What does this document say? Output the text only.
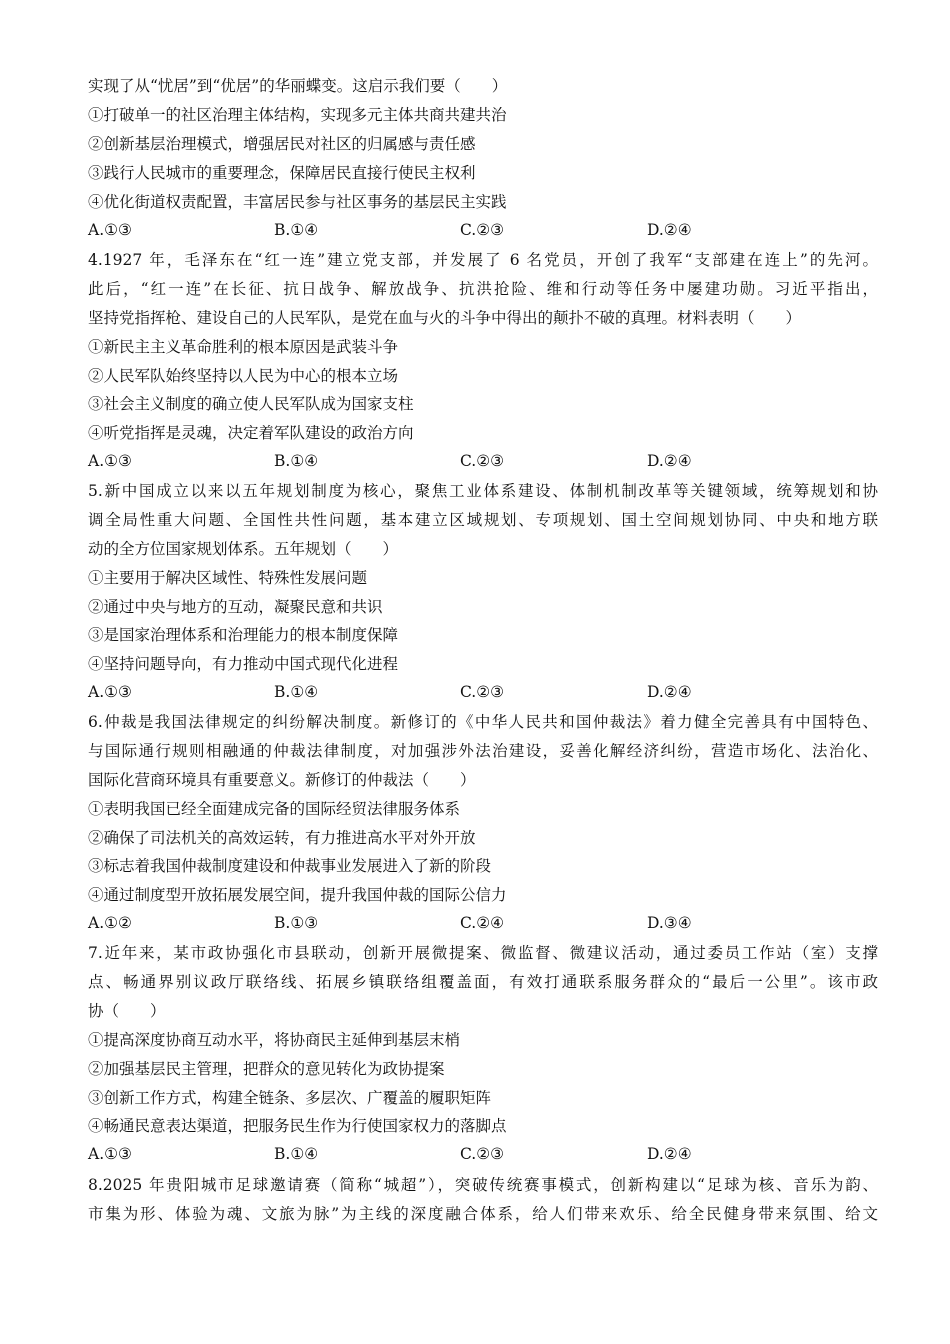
实现了从“忧居”到“优居”的华丽蝶变。这启示我们要（　　）
①打破单一的社区治理主体结构，实现多元主体共商共建共治
②创新基层治理模式，增强居民对社区的归属感与责任感
③践行人民城市的重要理念，保障居民直接行使民主权利
④优化街道权责配置，丰富居民参与社区事务的基层民主实践
A.①③	B.①④	C.②③	D.②④
4.1927 年，毛泽东在“红一连”建立党支部，并发展了 6 名党员，开创了我军“支部建在连上”的先河。
此后，“红一连”在长征、抗日战争、解放战争、抗洪抢险、维和行动等任务中屡建功勋。习近平指出，
坚持党指挥枪、建设自己的人民军队，是党在血与火的斗争中得出的颠扑不破的真理。材料表明（　　）
①新民主主义革命胜利的根本原因是武装斗争
②人民军队始终坚持以人民为中心的根本立场
③社会主义制度的确立使人民军队成为国家支柱
④听党指挥是灵魂，决定着军队建设的政治方向
A.①③	B.①④	C.②③	D.②④
5.新中国成立以来以五年规划制度为核心，聚焦工业体系建设、体制机制改革等关键领域，统筹规划和协
调全局性重大问题、全国性共性问题，基本建立区域规划、专项规划、国土空间规划协同、中央和地方联
动的全方位国家规划体系。五年规划（　　）
①主要用于解决区域性、特殊性发展问题
②通过中央与地方的互动，凝聚民意和共识
③是国家治理体系和治理能力的根本制度保障
④坚持问题导向，有力推动中国式现代化进程
A.①③	B.①④	C.②③	D.②④
6.仲裁是我国法律规定的纠纷解决制度。新修订的《中华人民共和国仲裁法》着力健全完善具有中国特色、
与国际通行规则相融通的仲裁法律制度，对加强涉外法治建设，妥善化解经济纠纷，营造市场化、法治化、
国际化营商环境具有重要意义。新修订的仲裁法（　　）
①表明我国已经全面建成完备的国际经贸法律服务体系
②确保了司法机关的高效运转，有力推进高水平对外开放
③标志着我国仲裁制度建设和仲裁事业发展进入了新的阶段
④通过制度型开放拓展发展空间，提升我国仲裁的国际公信力
A.①②	B.①③	C.②④	D.③④
7.近年来，某市政协强化市县联动，创新开展微提案、微监督、微建议活动，通过委员工作站（室）支撑
点、畅通界别议政厅联络线、拓展乡镇联络组覆盖面，有效打通联系服务群众的“最后一公里”。该市政
协（　　）
①提高深度协商互动水平，将协商民主延伸到基层末梢
②加强基层民主管理，把群众的意见转化为政协提案
③创新工作方式，构建全链条、多层次、广覆盖的履职矩阵
④畅通民意表达渠道，把服务民生作为行使国家权力的落脚点
A.①③	B.①④	C.②③	D.②④
8.2025 年贵阳城市足球邀请赛（简称“城超”），突破传统赛事模式，创新构建以“足球为核、音乐为韵、
市集为形、体验为魂、文旅为脉”为主线的深度融合体系，给人们带来欢乐、给全民健身带来氛围、给文
